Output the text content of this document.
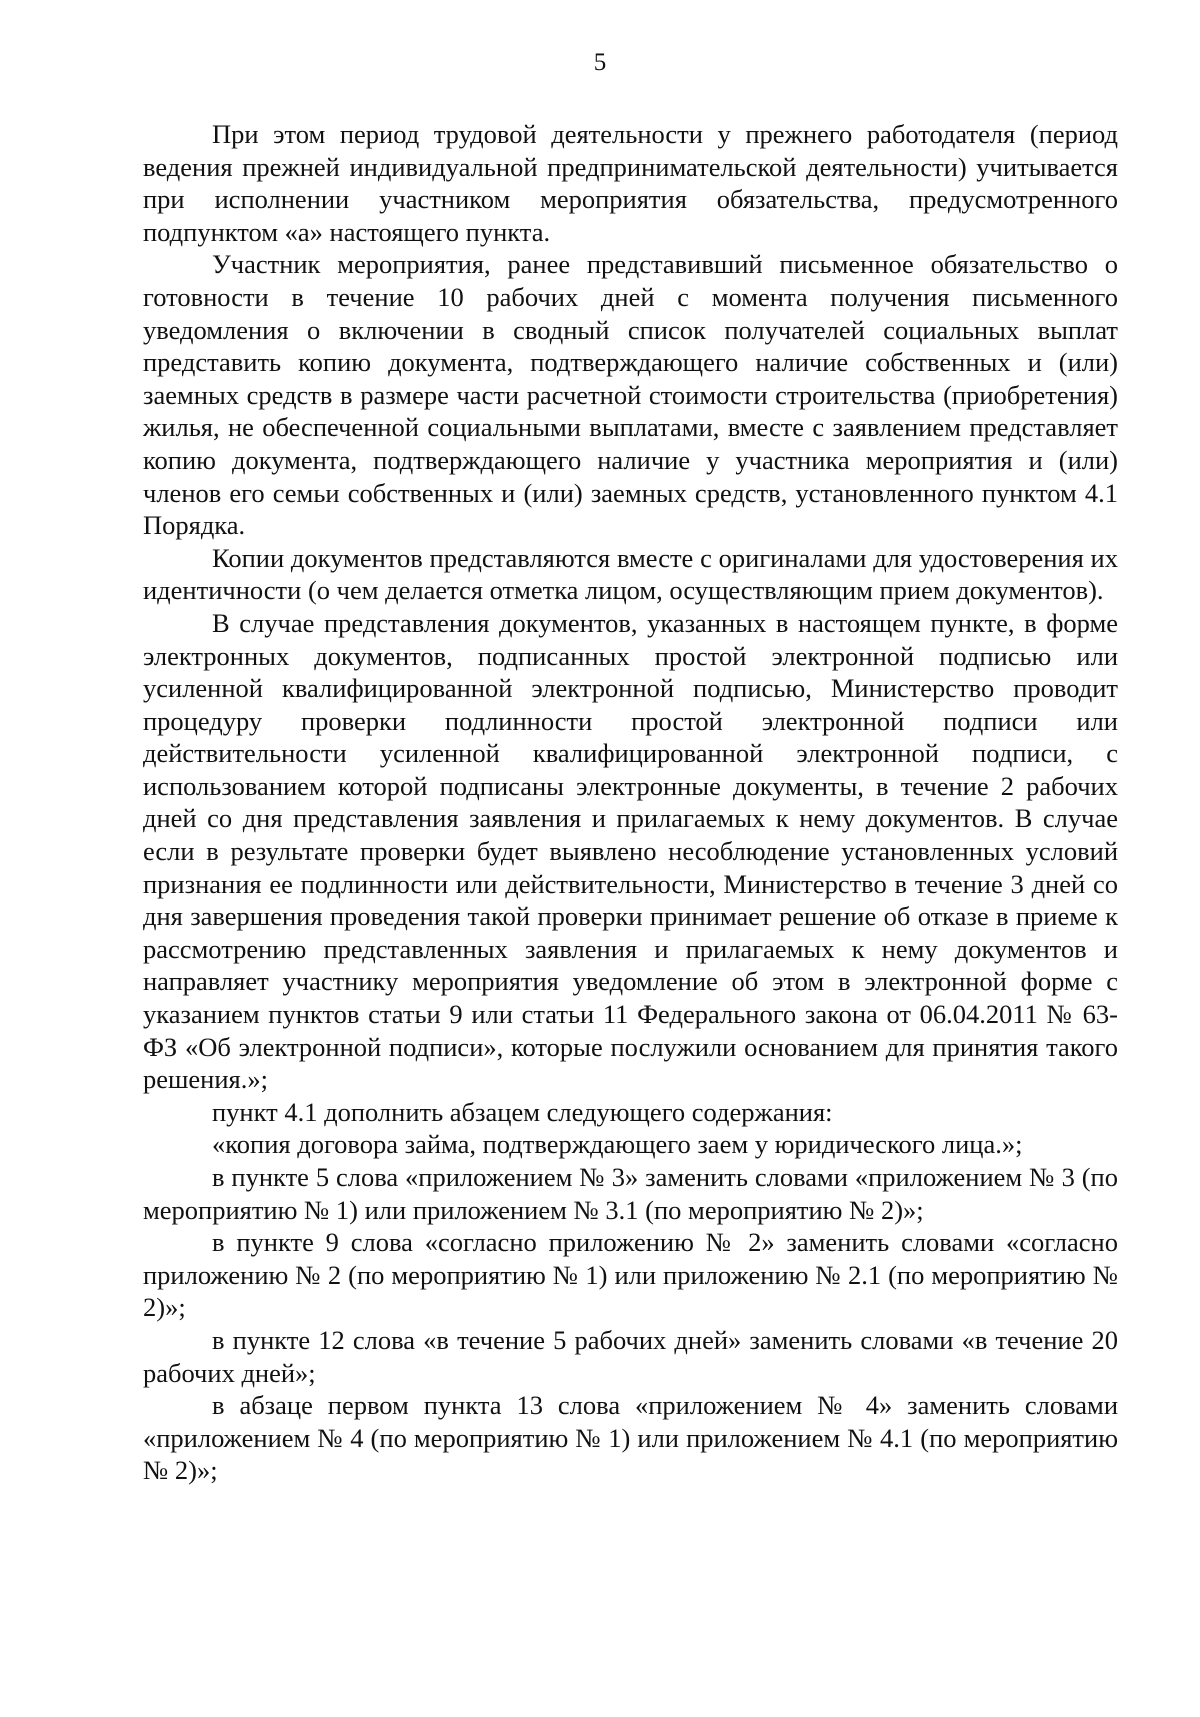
5

При этом период трудовой деятельности у прежнего работодателя (период ведения прежней индивидуальной предпринимательской деятельности) учитывается при исполнении участником мероприятия обязательства, предусмотренного подпунктом «а» настоящего пункта.

Участник мероприятия, ранее представивший письменное обязательство о готовности в течение 10 рабочих дней с момента получения письменного уведомления о включении в сводный список получателей социальных выплат представить копию документа, подтверждающего наличие собственных и (или) заемных средств в размере части расчетной стоимости строительства (приобретения) жилья, не обеспеченной социальными выплатами, вместе с заявлением представляет копию документа, подтверждающего наличие у участника мероприятия и (или) членов его семьи собственных и (или) заемных средств, установленного пунктом 4.1 Порядка.

Копии документов представляются вместе с оригиналами для удостоверения их идентичности (о чем делается отметка лицом, осуществляющим прием документов).

В случае представления документов, указанных в настоящем пункте, в форме электронных документов, подписанных простой электронной подписью или усиленной квалифицированной электронной подписью, Министерство проводит процедуру проверки подлинности простой электронной подписи или действительности усиленной квалифицированной электронной подписи, с использованием которой подписаны электронные документы, в течение 2 рабочих дней со дня представления заявления и прилагаемых к нему документов. В случае если в результате проверки будет выявлено несоблюдение установленных условий признания ее подлинности или действительности, Министерство в течение 3 дней со дня завершения проведения такой проверки принимает решение об отказе в приеме к рассмотрению представленных заявления и прилагаемых к нему документов и направляет участнику мероприятия уведомление об этом в электронной форме с указанием пунктов статьи 9 или статьи 11 Федерального закона от 06.04.2011 № 63-ФЗ «Об электронной подписи», которые послужили основанием для принятия такого решения.»;

пункт 4.1 дополнить абзацем следующего содержания:

«копия договора займа, подтверждающего заем у юридического лица.»;

в пункте 5 слова «приложением № 3» заменить словами «приложением № 3 (по мероприятию № 1) или приложением № 3.1 (по мероприятию № 2)»;

в пункте 9 слова «согласно приложению № 2» заменить словами «согласно приложению № 2 (по мероприятию № 1) или приложению № 2.1 (по мероприятию № 2)»;

в пункте 12 слова «в течение 5 рабочих дней» заменить словами «в течение 20 рабочих дней»;

в абзаце первом пункта 13 слова «приложением № 4» заменить словами «приложением № 4 (по мероприятию № 1) или приложением № 4.1 (по мероприятию № 2)»;
